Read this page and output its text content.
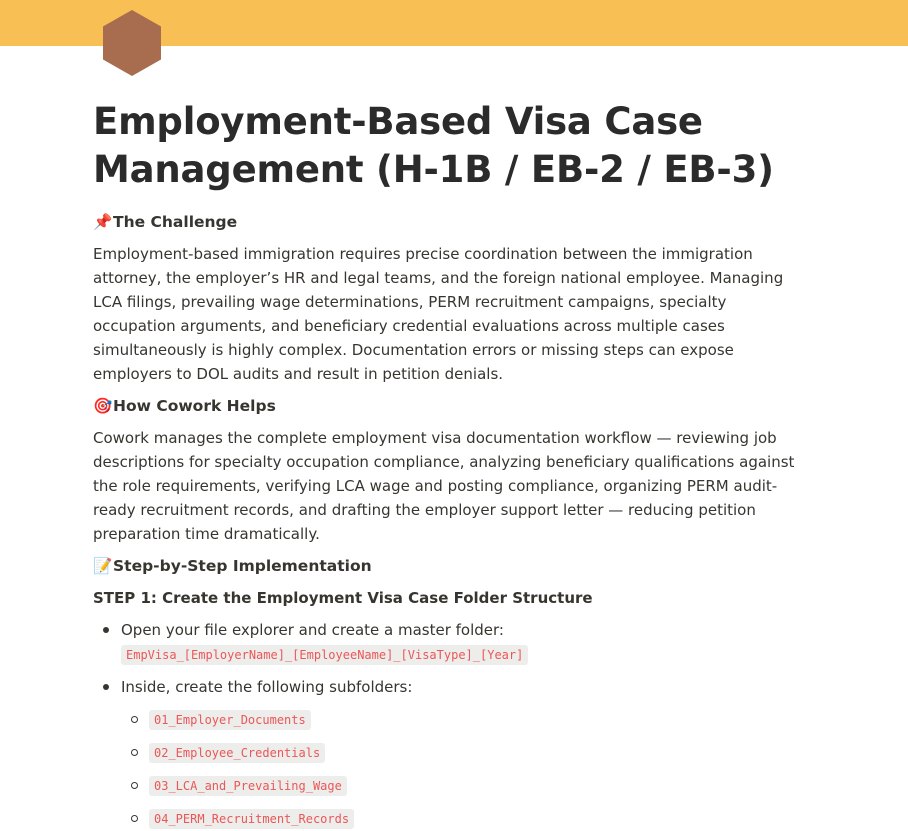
Employment-Based Visa Case Management (H-1B / EB-2 / EB-3)
📌The Challenge

Employment-based immigration requires precise coordination between the immigration attorney, the employer’s HR and legal teams, and the foreign national employee. Managing LCA filings, prevailing wage determinations, PERM recruitment campaigns, specialty occupation arguments, and beneficiary credential evaluations across multiple cases simultaneously is highly complex. Documentation errors or missing steps can expose employers to DOL audits and result in petition denials.

🎯How Cowork Helps

Cowork manages the complete employment visa documentation workflow — reviewing job descriptions for specialty occupation compliance, analyzing beneficiary qualifications against the role requirements, verifying LCA wage and posting compliance, organizing PERM audit-ready recruitment records, and drafting the employer support letter — reducing petition preparation time dramatically.

📝Step-by-Step Implementation
STEP 1: Create the Employment Visa Case Folder Structure
Open your file explorer and create a master folder:
EmpVisa_[EmployerName]_[EmployeeName]_[VisaType]_[Year]
Inside, create the following subfolders:
01_Employer_Documents
02_Employee_Credentials
03_LCA_and_Prevailing_Wage
04_PERM_Recruitment_Records
